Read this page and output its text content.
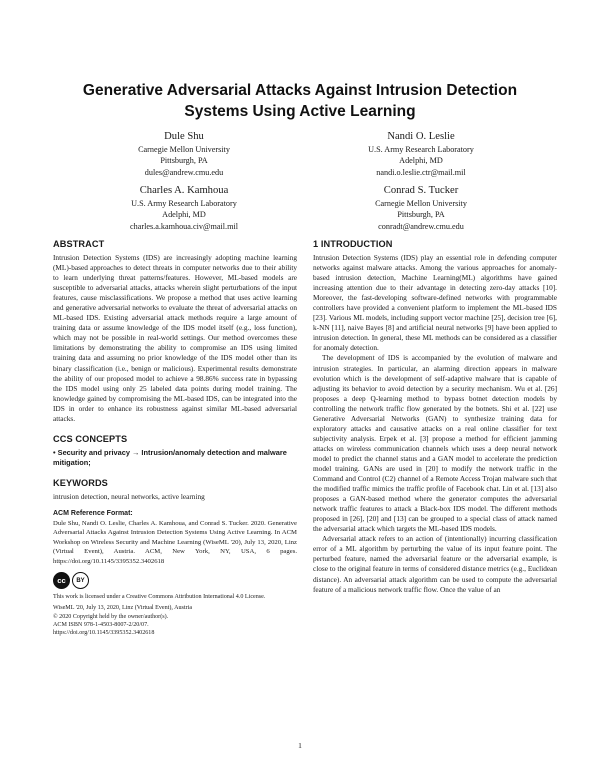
Generative Adversarial Attacks Against Intrusion Detection
Systems Using Active Learning
Dule Shu
Carnegie Mellon University
Pittsburgh, PA
dules@andrew.cmu.edu
Nandi O. Leslie
U.S. Army Research Laboratory
Adelphi, MD
nandi.o.leslie.ctr@mail.mil
Charles A. Kamhoua
U.S. Army Research Laboratory
Adelphi, MD
charles.a.kamhoua.civ@mail.mil
Conrad S. Tucker
Carnegie Mellon University
Pittsburgh, PA
conradt@andrew.cmu.edu
ABSTRACT

Intrusion Detection Systems (IDS) are increasingly adopting machine learning (ML)-based approaches to detect threats in computer networks due to their ability to learn underlying threat patterns/features. However, ML-based models are susceptible to adversarial attacks, attacks wherein slight perturbations of the input features, cause misclassifications. We propose a method that uses active learning and generative adversarial networks to evaluate the threat of adversarial attacks on ML-based IDS. Existing adversarial attack methods require a large amount of training data or assume knowledge of the IDS model itself (e.g., loss function), which may not be possible in real-world settings. Our method overcomes these limitations by demonstrating the ability to compromise an IDS using limited training data and assuming no prior knowledge of the IDS model other than its binary classification (i.e., benign or malicious). Experimental results demonstrate the ability of our proposed model to achieve a 98.86% success rate in bypassing the IDS model using only 25 labeled data points during model training. The knowledge gained by compromising the ML-based IDS, can be integrated into the IDS in order to enhance its robustness against similar ML-based adversarial attacks.

CCS CONCEPTS

• Security and privacy → Intrusion/anomaly detection and malware mitigation;

KEYWORDS

intrusion detection, neural networks, active learning

ACM Reference Format:

Dule Shu, Nandi O. Leslie, Charles A. Kamhoua, and Conrad S. Tucker. 2020. Generative Adversarial Attacks Against Intrusion Detection Systems Using Active Learning. In ACM Workshop on Wireless Security and Machine Learning (WiseML '20), July 13, 2020, Linz (Virtual Event), Austria. ACM, New York, NY, USA, 6 pages. https://doi.org/10.1145/3395352.3402618

cc	BY

This work is licensed under a Creative Commons Attribution International 4.0 License.

WiseML '20, July 13, 2020, Linz (Virtual Event), Austria

© 2020 Copyright held by the owner/author(s).

ACM ISBN 978-1-4503-8007-2/20/07.

https://doi.org/10.1145/3395352.3402618

1 INTRODUCTION

Intrusion Detection Systems (IDS) play an essential role in defending computer networks against malware attacks. Among the various approaches for anomaly-based intrusion detection, Machine Learning(ML) algorithms have gained increasing attention due to their advantage in detecting zero-day attacks [10]. Moreover, the fast-developing software-defined networks with programmable controllers have provided a convenient platform to implement the ML-based IDS [23]. Various ML models, including support vector machine [25], decision tree [6], k-NN [11], naive Bayes [8] and artificial neural networks [9] have been applied to intrusion detection. In general, these ML methods can be considered as a classifier for anomaly detection.

The development of IDS is accompanied by the evolution of malware and intrusion strategies. In particular, an alarming direction appears in malware evolution which is the development of self-adaptive malware that is capable of adjusting its behavior to avoid detection by a security mechanism. Wu et al. [26] proposes a deep Q-learning method to bypass botnet detection models by controlling the network traffic flow generated by the botnets. Shi et al. [22] use Generative Adversarial Networks (GAN) to synthesize training data for exploratory attacks and causative attacks on a real online classifier for text subjectivity analysis. Erpek et al. [3] propose a method for efficient jamming attacks on wireless communication channels which uses a deep neural network model to predict the channel status and a GAN model to accelerate the prediction model training. GANs are used in [20] to modify the network traffic in the Command and Control (C2) channel of a Remote Access Trojan malware such that the modified traffic mimics the traffic profile of Facebook chat. Lin et al. [13] also proposes a GAN-based method where the generator computes the adversarial network traffic features to attack a Black-box IDS model. The different methods proposed in [26], [20] and [13] can be grouped to a special class of attack named the adversarial attack which targets the ML-based IDS models.

Adversarial attack refers to an action of (intentionally) incurring classification error of a ML algorithm by perturbing the value of its input feature point. The perturbed feature, named the adversarial feature or the adversarial example, is close to the original feature in terms of considered distance metrics (e.g., Euclidean distance). An adversarial attack algorithm can be used to compute the adversarial feature of a malicious network traffic flow. Once the value of an

1
